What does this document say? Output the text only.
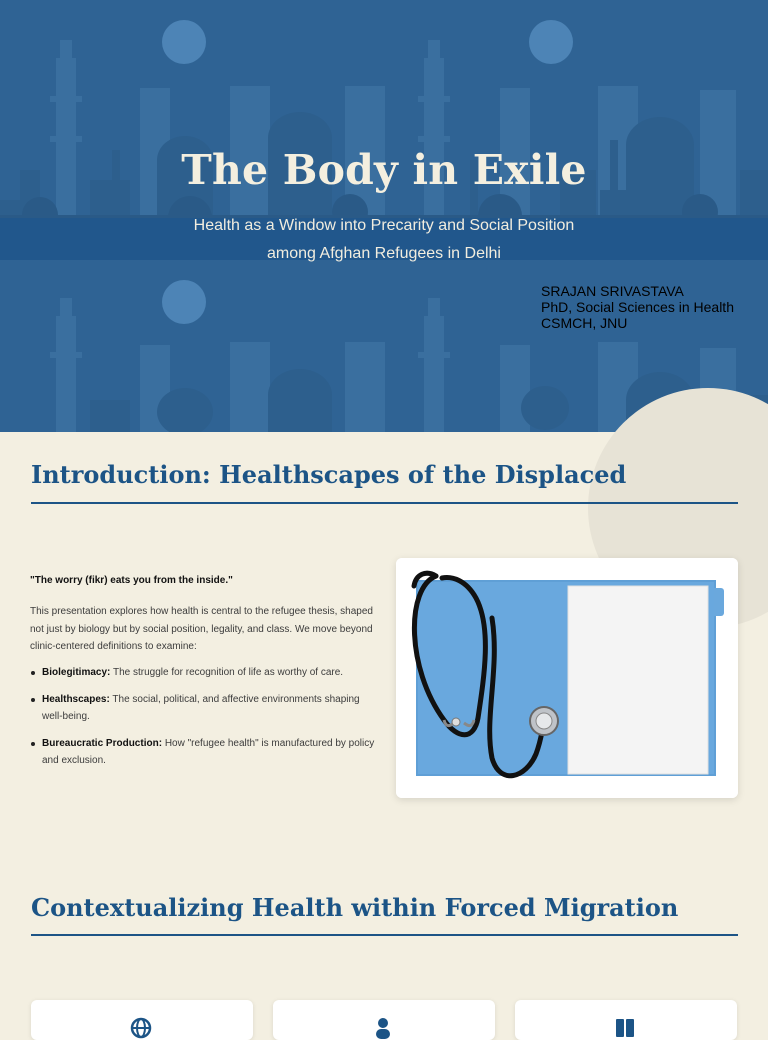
The Body in Exile
Health as a Window into Precarity and Social Position
among Afghan Refugees in Delhi
SRAJAN SRIVASTAVA
PhD, Social Sciences in Health
CSMCH, JNU
Introduction: Healthscapes of the Displaced
"The worry (fikr) eats you from the inside."
This presentation explores how health is central to the refugee thesis, shaped not just by biology but by social position, legality, and class. We move beyond clinic-centered definitions to examine:
Biolegitimacy: The struggle for recognition of life as worthy of care.
Healthscapes: The social, political, and affective environments shaping well-being.
Bureaucratic Production: How "refugee health" is manufactured by policy and exclusion.
Contextualizing Health within Forced Migration
